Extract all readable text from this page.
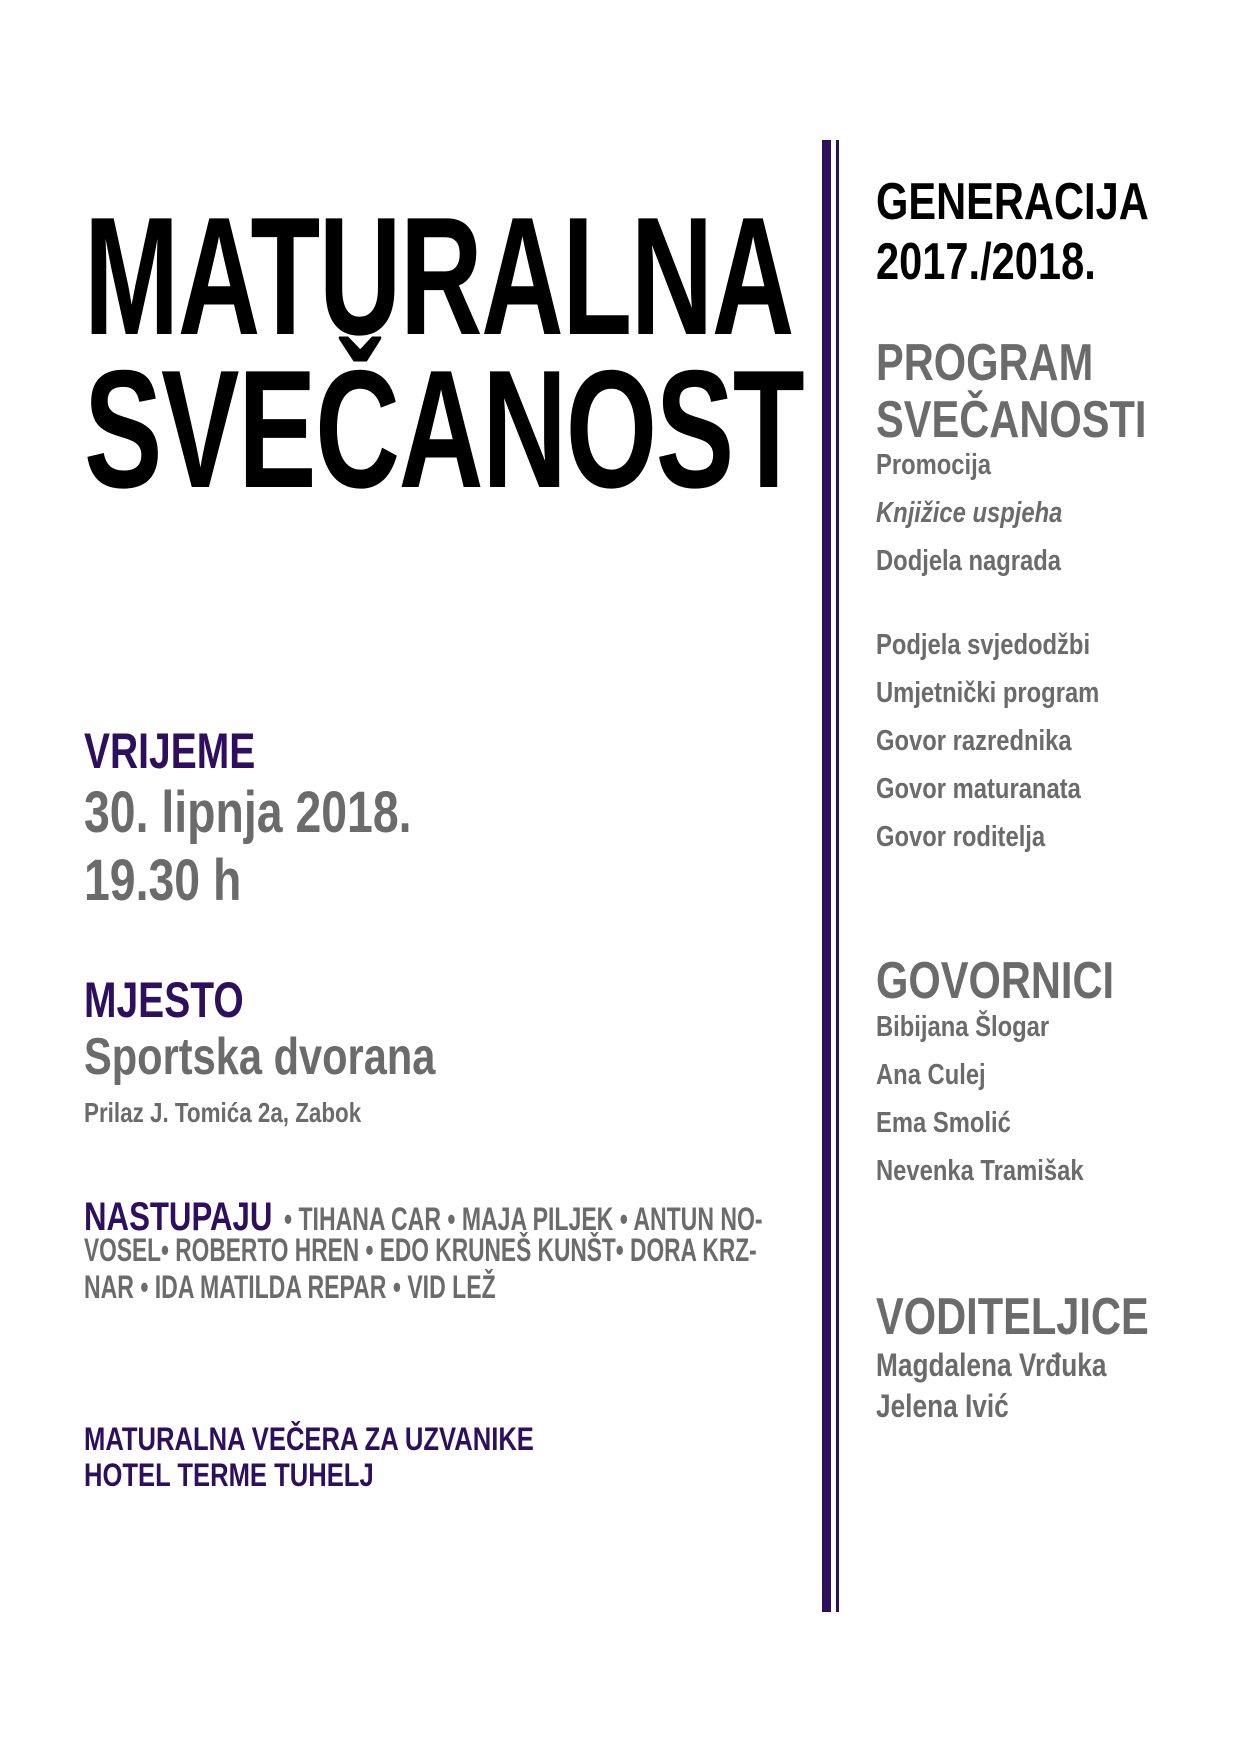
MATURALNA
SVEČANOST
VRIJEME
30. lipnja 2018.
19.30 h
MJESTO
Sportska dvorana
Prilaz J. Tomića 2a, Zabok
NASTUPAJU• TIHANA CAR • MAJA PILJEK • ANTUN NO-
VOSEL• ROBERTO HREN • EDO KRUNEŠ KUNŠT• DORA KRZ-
NAR • IDA MATILDA REPAR • VID LEŽ
MATURALNA VEČERA ZA UZVANIKE
HOTEL TERME TUHELJ
GENERACIJA
2017./2018.
PROGRAM
SVEČANOSTI
Promocija
Knjižice uspjeha
Dodjela nagrada
Podjela svjedodžbi
Umjetnički program
Govor razrednika
Govor maturanata
Govor roditelja
GOVORNICI
Bibijana Šlogar
Ana Culej
Ema Smolić
Nevenka Tramišak
VODITELJICE
Magdalena Vrđuka
Jelena Ivić
